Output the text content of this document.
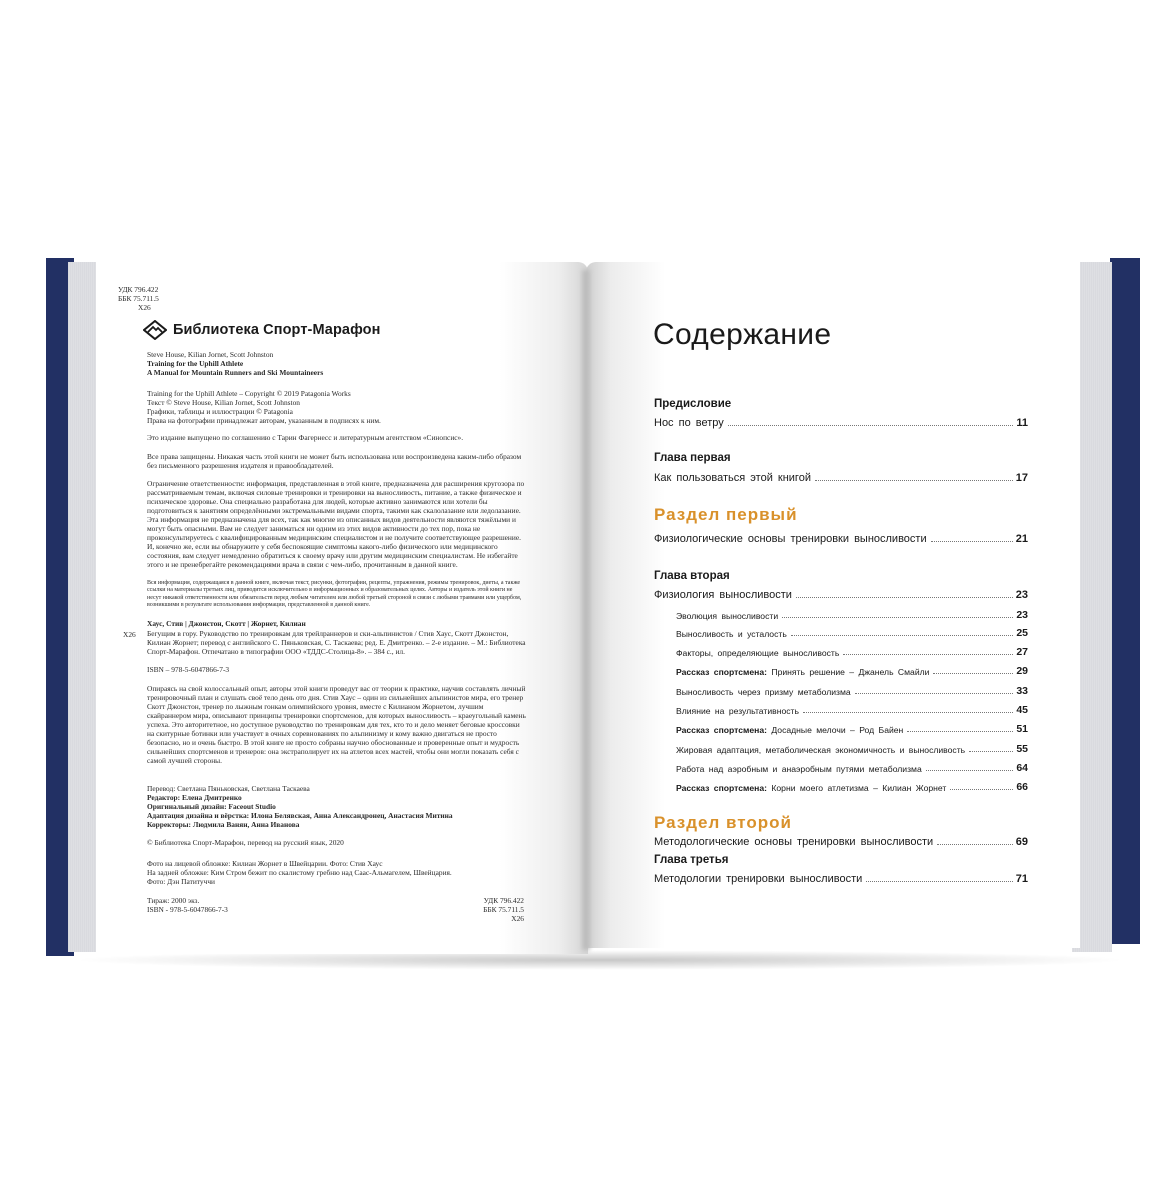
УДК 796.422

ББК 75.711.5

Х26

Библиотека Спорт-Марафон

Steve House, Kilian Jornet, Scott Johnston

Training for the Uphill Athlete

A Manual for Mountain Runners and Ski Mountaineers

Training for the Uphill Athlete – Copyright © 2019 Patagonia Works

Текст © Steve House, Kilian Jornet, Scott Johnston

Графики, таблицы и иллюстрации © Patagonia

Права на фотографии принадлежат авторам, указанным в подписях к ним.

Это издание выпущено по соглашению с Тарин Фагернесс и литературным агентством «Синопсис».

Все права защищены. Никакая часть этой книги не может быть использована или воспроизведена каким-либо образом без письменного разрешения издателя и правообладателей.
Ограничение ответственности: информация, представленная в этой книге, предназначена для расширения кругозора по рассматриваемым темам, включая силовые тренировки и тренировки на выносливость, питание, а также физическое и психическое здоровье. Она специально разработана для людей, которые активно занимаются или хотели бы подготовиться к занятиям определёнными экстремальными видами спорта, такими как скалолазание или ледолазание. Эта информация не предназначена для всех, так как многие из описанных видов деятельности являются тяжёлыми и могут быть опасными. Вам не следует заниматься ни одним из этих видов активности до тех пор, пока не проконсультируетесь с квалифицированным медицинским специалистом и не получите соответствующее разрешение. И, конечно же, если вы обнаружите у себя беспокоящие симптомы какого-либо физического или медицинского состояния, вам следует немедленно обратиться к своему врачу или другим медицинским специалистам. Не избегайте этого и не пренебрегайте рекомендациями врача в связи с чем-либо, прочитанным в данной книге.
Вся информация, содержащаяся в данной книге, включая текст, рисунки, фотографии, рецепты, упражнения, режимы тренировок, диеты, а также ссылки на материалы третьих лиц, приводится исключительно в информационных и образовательных целях. Авторы и издатель этой книги не несут никакой ответственности или обязательств перед любым читателем или любой третьей стороной в связи с любыми травмами или ущербом, возникшими в результате использования информации, представленной в данной книге.
Х26
Хаус, Стив | Джонстон, Скотт | Жорнет, Килиан
Бегущим в гору. Руководство по тренировкам для трейлраннеров и ски-альпинистов / Стив Хаус, Скотт Джонстон, Килиан Жорнет; перевод с английского С. Пяньковская, С. Таскаева; ред. Е. Дмитренко. – 2-е издание. – М.: Библиотека Спорт-Марафон. Отпечатано в типографии ООО «ТДДС-Столица-8». – 384 с., ил.
ISBN – 978-5-6047866-7-3
Опираясь на свой колоссальный опыт, авторы этой книги проведут вас от теории к практике, научив составлять личный тренировочный план и слушать своё тело день ото дня. Стив Хаус – один из сильнейших альпинистов мира, его тренер Скотт Джонстон, тренер по лыжным гонкам олимпийского уровня, вместе с Килианом Жорнетом, лучшим скайраннером мира, описывают принципы тренировки спортсменов, для которых выносливость – краеугольный камень успеха. Это авторитетное, но доступное руководство по тренировкам для тех, кто то и дело меняет беговые кроссовки на скитурные ботинки или участвует в очных соревнованиях по альпинизму и кому важно двигаться не просто безопасно, но и очень быстро. В этой книге не просто собраны научно обоснованные и проверенные опыт и мудрость сильнейших спортсменов и тренеров: она экстраполирует их на атлетов всех мастей, чтобы они могли показать себя с самой лучшей стороны.

Перевод: Светлана Пяньковская, Светлана Таскаева

Редактор: Елена Дмитренко

Оригинальный дизайн: Faceout Studio

Адаптация дизайна и вёрстка: Илона Белявская, Анна Александронец, Анастасия Митина

Корректоры: Людмила Ванян, Анна Иванова

© Библиотека Спорт-Марафон, перевод на русский язык, 2020

Фото на лицевой обложке: Килиан Жорнет в Швейцарии. Фото: Стив Хаус

На задней обложке: Ким Стром бежит по скалистому гребню над Саас-Альмагелем, Швейцария.

Фото: Дэн Патитуччи

Тираж: 2000 экз.

ISBN - 978-5-6047866-7-3

УДК 796.422

ББК 75.711.5

Х26

Содержание
Предисловие
Нос по ветру	11
Глава первая
Как пользоваться этой книгой	17
Раздел первый
Физиологические основы тренировки выносливости	21
Глава вторая
Физиология выносливости	23
Эволюция выносливости	23
Выносливость и усталость	25
Факторы, определяющие выносливость	27
Рассказ спортсмена: Принять решение – Джанель Смайли	29
Выносливость через призму метаболизма	33
Влияние на результативность	45
Рассказ спортсмена: Досадные мелочи – Род Байен	51
Жировая адаптация, метаболическая экономичность и выносливость	55
Работа над аэробным и анаэробным путями метаболизма	64
Рассказ спортсмена: Корни моего атлетизма – Килиан Жорнет	66
Раздел второй
Методологические основы тренировки выносливости	69
Глава третья
Методологии тренировки выносливости	71
